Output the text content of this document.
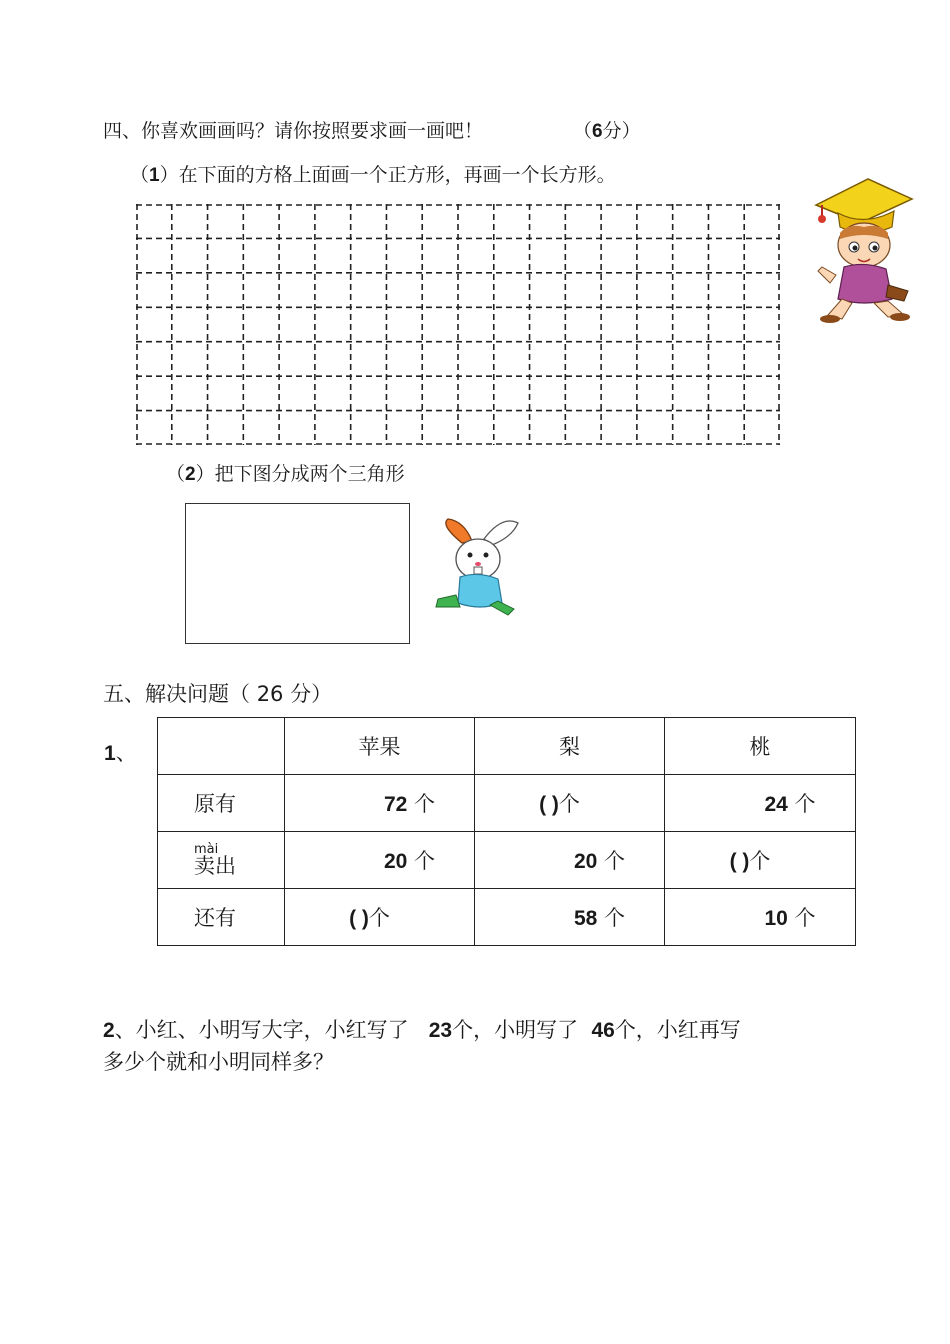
四、你喜欢画画吗？请你按照要求画一画吧！	（6分）
（1）在下面的方格上面画一个正方形，再画一个长方形。
（2）把下图分成两个三角形
五、解决问题（ 26 分）
1、
		苹果	梨	桃
原有	72 个	( )个	24 个

mài
卖出	20 个	20 个	( )个
还有	( )个	58 个	10 个
2、小红、小明写大字，小红写了 23个，小明写了 46个，小红再写
多少个就和小明同样多？
